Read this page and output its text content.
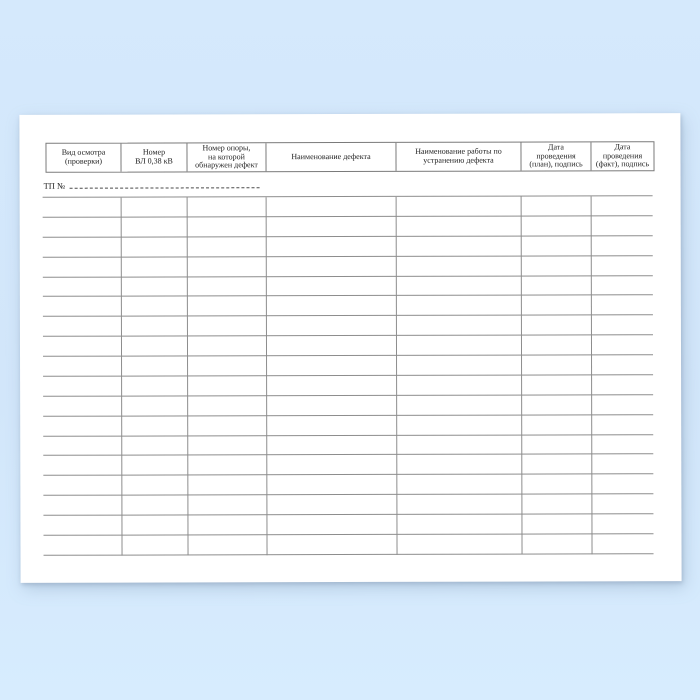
Вид осмотра
(проверки)
Номер
ВЛ 0,38 кВ
Номер опоры,
на которой
обнаружен дефект
Наименование дефекта
Наименование работы по
устранению дефекта
Дата
проведения
(план), подпись
Дата
проведения
(факт), подпись
ТП №
